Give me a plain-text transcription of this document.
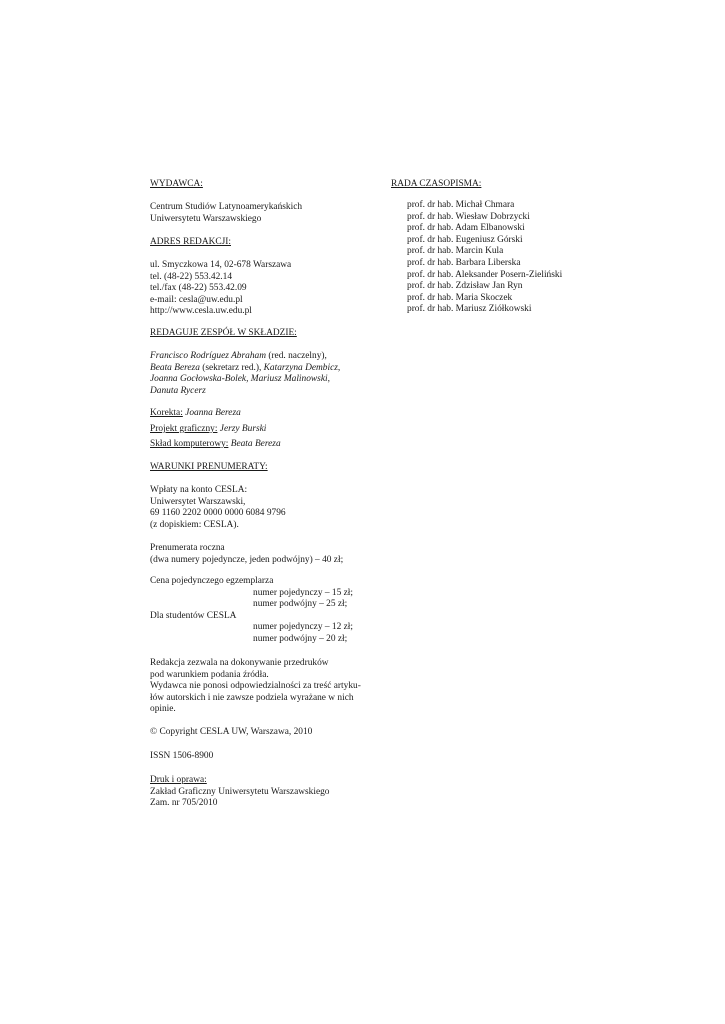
WYDAWCA:
Centrum Studiów Latynoamerykańskich
Uniwersytetu Warszawskiego
ADRES REDAKCJI:
ul. Smyczkowa 14, 02-678 Warszawa
tel. (48-22) 553.42.14
tel./fax (48-22) 553.42.09
e-mail: cesla@uw.edu.pl
http://www.cesla.uw.edu.pl
REDAGUJE ZESPÓŁ W SKŁADZIE:
Francisco Rodríguez Abraham (red. naczelny),
Beata Bereza (sekretarz red.), Katarzyna Dembicz,
Joanna Gocłowska-Bolek, Mariusz Malinowski,
Danuta Rycerz
Korekta: Joanna Bereza
Projekt graficzny: Jerzy Burski
Skład komputerowy: Beata Bereza
WARUNKI PRENUMERATY:
Wpłaty na konto CESLA:
Uniwersytet Warszawski,
69 1160 2202 0000 0000 6084 9796
(z dopiskiem: CESLA).
Prenumerata roczna
(dwa numery pojedyncze, jeden podwójny) – 40 zł;
Cena pojedynczego egzemplarza
numer pojedynczy – 15 zł;
numer podwójny – 25 zł;
Dla studentów CESLA
numer pojedynczy – 12 zł;
numer podwójny – 20 zł;
Redakcja zezwala na dokonywanie przedruków
pod warunkiem podania źródła.
Wydawca nie ponosi odpowiedzialności za treść artyku-
łów autorskich i nie zawsze podziela wyrażane w nich
opinie.
© Copyright CESLA UW, Warszawa, 2010
ISSN 1506-8900
Druk i oprawa:
Zakład Graficzny Uniwersytetu Warszawskiego
Zam. nr 705/2010
RADA CZASOPISMA:
prof. dr hab. Michał Chmara
prof. dr hab. Wiesław Dobrzycki
prof. dr hab. Adam Elbanowski
prof. dr hab. Eugeniusz Górski
prof. dr hab. Marcin Kula
prof. dr hab. Barbara Liberska
prof. dr hab. Aleksander Posern-Zieliński
prof. dr hab. Zdzisław Jan Ryn
prof. dr hab. Maria Skoczek
prof. dr hab. Mariusz Ziółkowski
